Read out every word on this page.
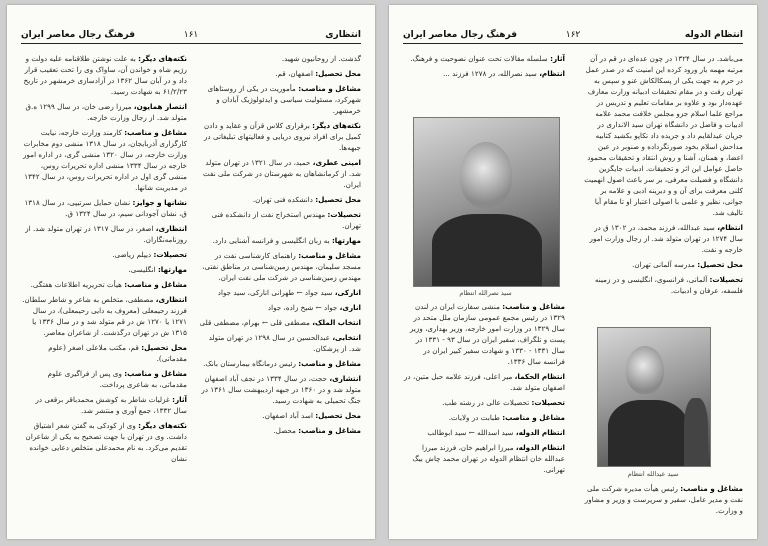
انتظاری
۱۶۱
فرهنگ رجال معاصر ایران

گذشت. از روحانیون شهید.

محل تحصیل: اصفهان، قم.

مشاغل و مناصب: مأموریت در یکی از روستاهای شهرکرد، مسئولیت سیاسی و ایدئولوژیک آبادان و خرمشهر.

نکته‌های دیگر: برقراری کلاس قرآن و عقاید و دادن کمیل برای افراد نیروی دریایی و فعالیتهای تبلیغاتی در جبهه‌ها.

امینی عطری، حمید، در سال ۱۳۲۱ در تهران متولد شد. از کرمانشاهان به شهرستان در شرکت ملی نفت ایران.

محل تحصیل: دانشکده فنی تهران.

تحصیلات: مهندس استخراج نفت از دانشکده فنی تهران.

مهارتها: به زبان انگلیسی و فرانسه آشنایی دارد.

مشاغل و مناصب: راهنمای کارشناسی نفت در مسجد سلیمان، مهندس زمین‌شناسی در مناطق نفتی، مهندس زمین‌شناسی در شرکت ملی نفت ایران.

انارکی، سید جواد ← طهرانی انارکی، سید جواد

اناری، جواد ← شیخ زاده، جواد

انتخاب الملک، مصطفی قلی ← بهرام، مصطفی قلی

انتخابی، عبدالحسین در سال ۱۲۹۸ در تهران متولد شد. از پزشکان.

مشاغل و مناصب: رئیس درمانگاه بیمارستان بانک.

انتشاری، حجت، در سال ۱۳۳۴ در نجف آباد اصفهان متولد شد و در ۱۳۶۰ در جبهه اردیبهشت سال ۱۳۶۱ در جنگ تحمیلی به شهادت رسید.

محل تحصیل: اسد آباد اصفهان.

مشاغل و مناصب: محصل.

نکته‌های دیگر: به علت نوشتن طلاقنامه علیه دولت و رژیم شاه و خواندن آن، ساواک وی را تحت تعقیب قرار داد و در آبان سال ۱۳۶۲ در آزادسازی خرمشهر در تاریخ ۶۱/۲/۲۳ به شهادت رسید.

انتصار همایون، میرزا رضی خان، در سال ۱۲۹۹ ه.ق متولد شد. از رجال وزارت خارجه.

مشاغل و مناصب: کارمند وزارت خارجه، نیابت کارگزاری آذربایجان، در سال ۱۳۱۸ منشی دوم مخابرات وزارت خارجه، در سال ۱۳۲۰ منشی گری، در اداره امور خارجه در سال ۱۳۳۴ منشی اداره تحریرات روس، منشی گری اول در اداره تحریرات روس، در سال ۱۳۴۲ در مدیریت شانها.

نشانها و جوایز: نشان حمایل سرتیپی، در سال ۱۳۱۸ ق، نشان آجودانی سیم، در سال ۱۳۲۴ ق.

انتظاری، اصغر، در سال ۱۳۱۷ در تهران متولد شد. از روزنامه‌نگاران.

تحصیلات: دیپلم ریاضی.

مهارتها: انگلیسی.

مشاغل و مناصب: هیأت تحریریه اطلاعات هفتگی.

انتظاری، مصطفی، متخلص به شاعر و شاطر سلطان. فرزند رحیمعلی (معروف به دایی رحیمعلی)، در سال ۱۲۷۱ یا ۱۲۷۰ ش در قم متولد شد و در سال ۱۳۳۶ یا ۱۳۱۵ ش در تهران درگذشت. از شاعران معاصر.

محل تحصیل: قم، مکتب ملاعلی اصغر (علوم مقدماتی).

مشاغل و مناصب: وی پس از فراگیری علوم مقدماتی، به شاعری پرداخت.

آثار: غزلیات شاطر به کوشش محمدباقر برقعی در سال ۱۳۳۲، جمع آوری و منتشر شد.

نکته‌های دیگر: وی از کودکی به گفتن شعر اشتیاق داشت. وی در تهران با جهت تصحیح به یکی از شاعران تقدیم می‌کرد. به نام محمدعلی متخلص دعایی خوانده نشان

انتظام الدوله
۱۶۲
فرهنگ رجال معاصر ایران

می‌باشد. در سال ۱۳۲۴ در چون عده‌ای در قم در آن مرتبه مهمه بار ورود کرده این امنیت که در صدر عمل در حرم به جهت یکی از پسکالکاش عنو و سپس به تهران رفت و در مقام تحقیقات ادبیانه وزارت معارف عهده‌دار بود و علاوه بر مقامات تعلیم و تدریس در مراجع علما اسلام جزو مجلس خلافت محمد علامه ادبیات و فاضل در دانشگاه تهران سید الانداری در جریان عیدلقایم داد و جریده داد تکاپو بکشید کتابیه مداحش اسلام بخود صورتگرداده و صنوبر در عین اعضا، و همنان، آشنا و روش انتقاد و تحقیقات محمود حاصل عوامل این اثر و تحقیقات. ادبیات جایگزین دانشگاه و فضیلت معرفی، بر سر باعث اصول انهمیت کلنی معرفت برای آن و و دیرینه ادبی و علامه بر جوانی، نظیر و علمی با اصولی اعتبار او تا مقام آیا تالیف شد.

انتظام، سید عبدالله، فرزند محمد، در ۱۳۰۲ ق در سال ۱۲۷۴ در تهران متولد شد. از رجال وزارت امور خارجه و نفت.

محل تحصیل: مدرسه آلمانی تهران.

تحصیلات: آلمانی، فرانسوی، انگلیسی و در زمینه فلسفه، عرفان و ادبیات.

آثار: سلسله مقالات تحت عنوان نصوحیت و فرهنگ.

انتظام، سید نصرالله، در ۱۲۷۸ فرزند ...

سید نصرالله انتظام

مشاغل و مناصب: منشی سفارت ایران در لندن ۱۳۲۹ در رئیس مجمع عمومی سازمان ملل متحد در سال ۱۳۲۹ در وزارت امور خارجه، وزیر بهداری، وزیر پست و تلگراف، سفیر ایران در سال ۹۳ - ۱۳۳۱ در سال ۱۳۳۱ - ۱۳۳۰ و شهادت سفیر کبیر ایران در فرانسه سال ۱۳۳۶.

انتظام الحکما، میر اعلی، فرزند علامه حبل متین، در اصفهان متولد شد.

تحصیلات: تحصیلات عالی در رشته طب.

مشاغل و مناصب: طبابت در ولایات.

انتظام الدوله، سید اسدالله ← سید ابوطالب

انتظام الدوله، میرزا ابراهیم خان، فرزند میرزا عبدالله خان انتظام الدوله در تهران محمد چاش بیگ تهرانی.	سید عبدالله انتظام

مشاغل و مناصب: رئیس هیأت مدیره شرکت ملی نفت و مدیر عامل، سفیر و سرپرست و وزیر و مشاور و وزارت.
